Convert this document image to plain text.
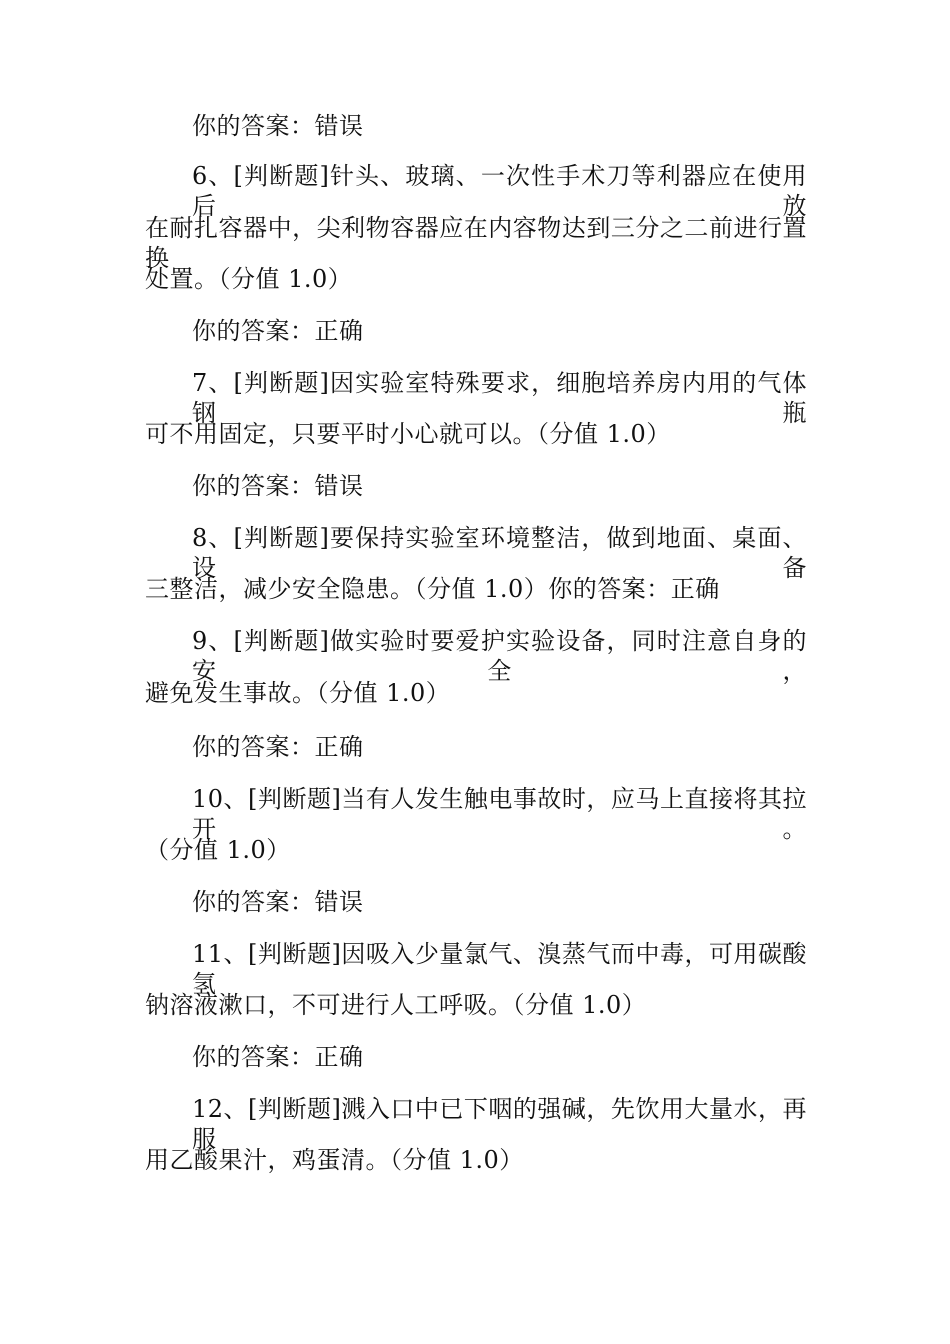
你的答案：错误
6、[判断题]针头、玻璃、一次性手术刀等利器应在使用后放
在耐扎容器中，尖利物容器应在内容物达到三分之二前进行置换
处置。（分值 1.0）
你的答案：正确
7、[判断题]因实验室特殊要求，细胞培养房内用的气体钢瓶
可不用固定，只要平时小心就可以。（分值 1.0）
你的答案：错误
8、[判断题]要保持实验室环境整洁，做到地面、桌面、设备
三整洁，减少安全隐患。（分值 1.0）你的答案：正确
9、[判断题]做实验时要爱护实验设备，同时注意自身的安全，
避免发生事故。（分值 1.0）
你的答案：正确
10、[判断题]当有人发生触电事故时，应马上直接将其拉开。
（分值 1.0）
你的答案：错误
11、[判断题]因吸入少量氯气、溴蒸气而中毒，可用碳酸氢
钠溶液漱口，不可进行人工呼吸。（分值 1.0）
你的答案：正确
12、[判断题]溅入口中已下咽的强碱，先饮用大量水，再服
用乙酸果汁，鸡蛋清。（分值 1.0）
